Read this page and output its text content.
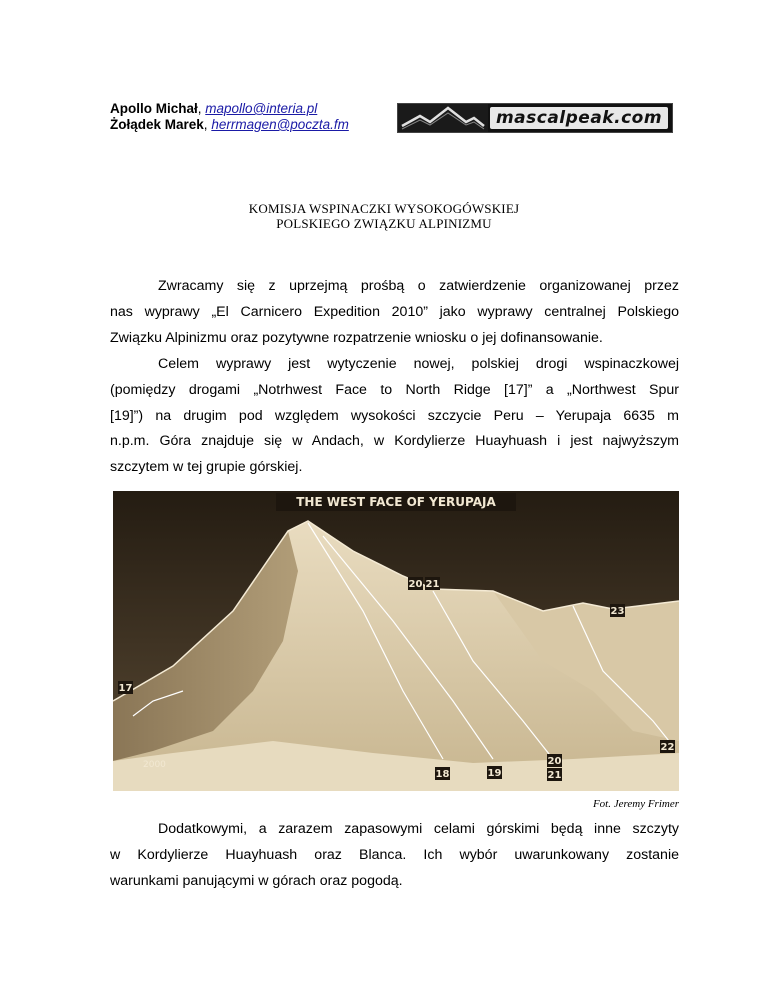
Apollo Michał, mapollo@interia.pl
Żołądek Marek, herrmagen@poczta.fm	mascalpeak.com
KOMISJA WSPINACZKI WYSOKOGÓWSKIEJ
POLSKIEGO ZWIĄZKU ALPINIZMU
Zwracamy się z uprzejmą prośbą o zatwierdzenie organizowanej przez
nas wyprawy „El Carnicero Expedition 2010” jako wyprawy centralnej Polskiego
Związku Alpinizmu oraz pozytywne rozpatrzenie wniosku o jej dofinansowanie.
Celem wyprawy jest wytyczenie nowej, polskiej drogi wspinaczkowej
(pomiędzy drogami „Notrhwest Face to North Ridge [17]” a „Northwest Spur
[19]”) na drugim pod względem wysokości szczycie Peru – Yerupaja 6635 m
n.p.m. Góra znajduje się w Andach, w Kordylierze Huayhuash i jest najwyższym
szczytem w tej grupie górskiej.
THE WEST FACE OF YERUPAJA
20 21
23
17
22
18	19
20
21
2000
Fot. Jeremy Frimer
Dodatkowymi, a zarazem zapasowymi celami górskimi będą inne szczyty
w Kordylierze Huayhuash oraz Blanca. Ich wybór uwarunkowany zostanie
warunkami panującymi w górach oraz pogodą.
